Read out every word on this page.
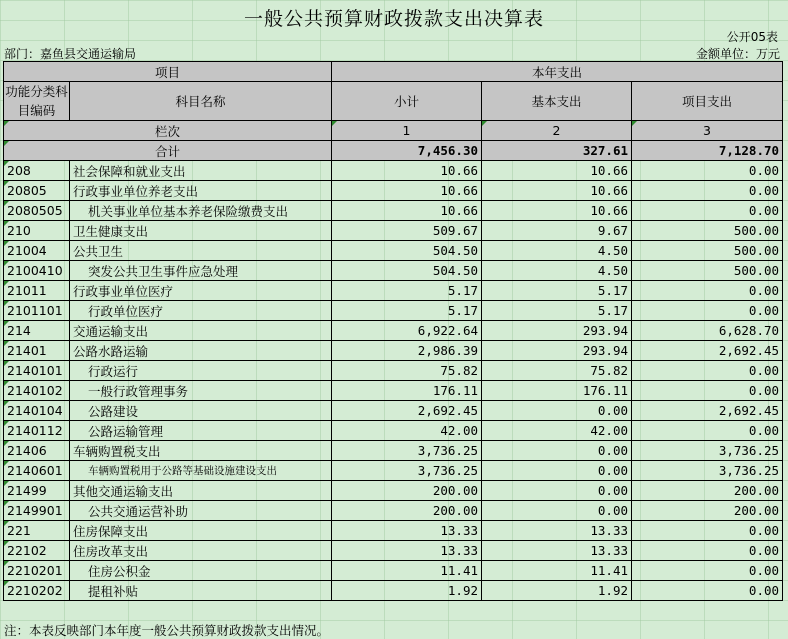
一般公共预算财政拨款支出决算表
公开05表
部门：嘉鱼县交通运输局	金额单位：万元
项目		本年支出		
功能分类科目编码	科目名称	小计	基本支出	项目支出
栏次		1	2	3
合计		7,456.30	327.61	7,128.70
208	社会保障和就业支出	10.66	10.66	0.00
20805	行政事业单位养老支出	10.66	10.66	0.00
2080505	机关事业单位基本养老保险缴费支出	10.66	10.66	0.00
210	卫生健康支出	509.67	9.67	500.00
21004	公共卫生	504.50	4.50	500.00
2100410	突发公共卫生事件应急处理	504.50	4.50	500.00
21011	行政事业单位医疗	5.17	5.17	0.00
2101101	行政单位医疗	5.17	5.17	0.00
214	交通运输支出	6,922.64	293.94	6,628.70
21401	公路水路运输	2,986.39	293.94	2,692.45
2140101	行政运行	75.82	75.82	0.00
2140102	一般行政管理事务	176.11	176.11	0.00
2140104	公路建设	2,692.45	0.00	2,692.45
2140112	公路运输管理	42.00	42.00	0.00
21406	车辆购置税支出	3,736.25	0.00	3,736.25
2140601	车辆购置税用于公路等基础设施建设支出	3,736.25	0.00	3,736.25
21499	其他交通运输支出	200.00	0.00	200.00
2149901	公共交通运营补助	200.00	0.00	200.00
221	住房保障支出	13.33	13.33	0.00
22102	住房改革支出	13.33	13.33	0.00
2210201	住房公积金	11.41	11.41	0.00
2210202	提租补贴	1.92	1.92	0.00
注：本表反映部门本年度一般公共预算财政拨款支出情况。
